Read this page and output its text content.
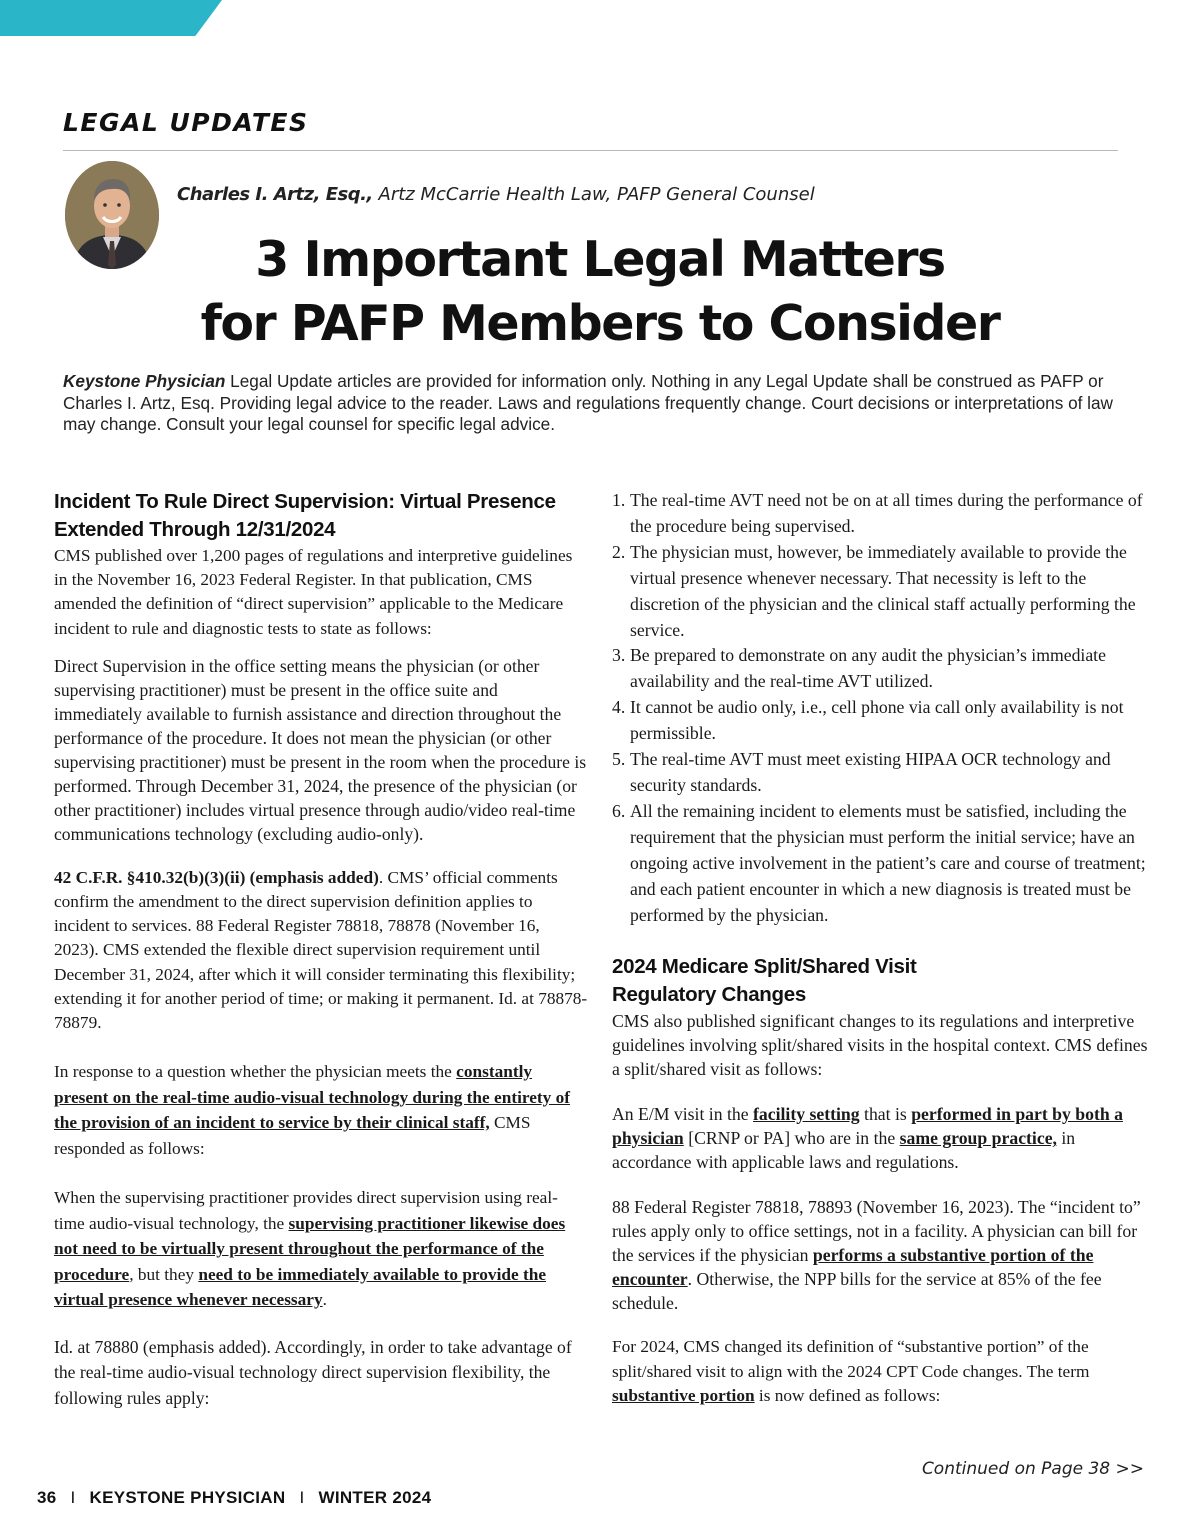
LEGAL UPDATES
Charles I. Artz, Esq., Artz McCarrie Health Law, PAFP General Counsel
3 Important Legal Matters
for PAFP Members to Consider
Keystone Physician Legal Update articles are provided for information only. Nothing in any Legal Update shall be construed as PAFP or Charles I. Artz, Esq. Providing legal advice to the reader. Laws and regulations frequently change. Court decisions or interpretations of law may change. Consult your legal counsel for specific legal advice.
Incident To Rule Direct Supervision: Virtual Presence Extended Through 12/31/2024

CMS published over 1,200 pages of regulations and interpretive guidelines in the November 16, 2023 Federal Register. In that publication, CMS amended the definition of “direct supervision” applicable to the Medicare incident to rule and diagnostic tests to state as follows:

Direct Supervision in the office setting means the physician (or other supervising practitioner) must be present in the office suite and immediately available to furnish assistance and direction throughout the performance of the procedure. It does not mean the physician (or other supervising practitioner) must be present in the room when the procedure is performed. Through December 31, 2024, the presence of the physician (or other practitioner) includes virtual presence through audio/video real-time communications technology (excluding audio-only).

42 C.F.R. §410.32(b)(3)(ii) (emphasis added). CMS’ official comments confirm the amendment to the direct supervision definition applies to incident to services. 88 Federal Register 78818, 78878 (November 16, 2023). CMS extended the flexible direct supervision requirement until December 31, 2024, after which it will consider terminating this flexibility; extending it for another period of time; or making it permanent. Id. at 78878-78879.

In response to a question whether the physician meets the constantly present on the real-time audio-visual technology during the entirety of the provision of an incident to service by their clinical staff, CMS responded as follows:

When the supervising practitioner provides direct supervision using real-time audio-visual technology, the supervising practitioner likewise does not need to be virtually present throughout the performance of the procedure, but they need to be immediately available to provide the virtual presence whenever necessary.

Id. at 78880 (emphasis added). Accordingly, in order to take advantage of the real-time audio-visual technology direct supervision flexibility, the following rules apply:

1. The real-time AVT need not be on at all times during the performance of the procedure being supervised.
2. The physician must, however, be immediately available to provide the virtual presence whenever necessary. That necessity is left to the discretion of the physician and the clinical staff actually performing the service.
3. Be prepared to demonstrate on any audit the physician’s immediate availability and the real-time AVT utilized.
4. It cannot be audio only, i.e., cell phone via call only availability is not permissible.
5. The real-time AVT must meet existing HIPAA OCR technology and security standards.
6. All the remaining incident to elements must be satisfied, including the requirement that the physician must perform the initial service; have an ongoing active involvement in the patient’s care and course of treatment; and each patient encounter in which a new diagnosis is treated must be performed by the physician.
2024 Medicare Split/Shared Visit Regulatory Changes

CMS also published significant changes to its regulations and interpretive guidelines involving split/shared visits in the hospital context. CMS defines a split/shared visit as follows:

An E/M visit in the facility setting that is performed in part by both a physician [CRNP or PA] who are in the same group practice, in accordance with applicable laws and regulations.

88 Federal Register 78818, 78893 (November 16, 2023). The “incident to” rules apply only to office settings, not in a facility. A physician can bill for the services if the physician performs a substantive portion of the encounter. Otherwise, the NPP bills for the service at 85% of the fee schedule.

For 2024, CMS changed its definition of “substantive portion” of the split/shared visit to align with the 2024 CPT Code changes. The term substantive portion is now defined as follows:

Continued on Page 38 >>
36 I KEYSTONE PHYSICIAN I WINTER 2024
